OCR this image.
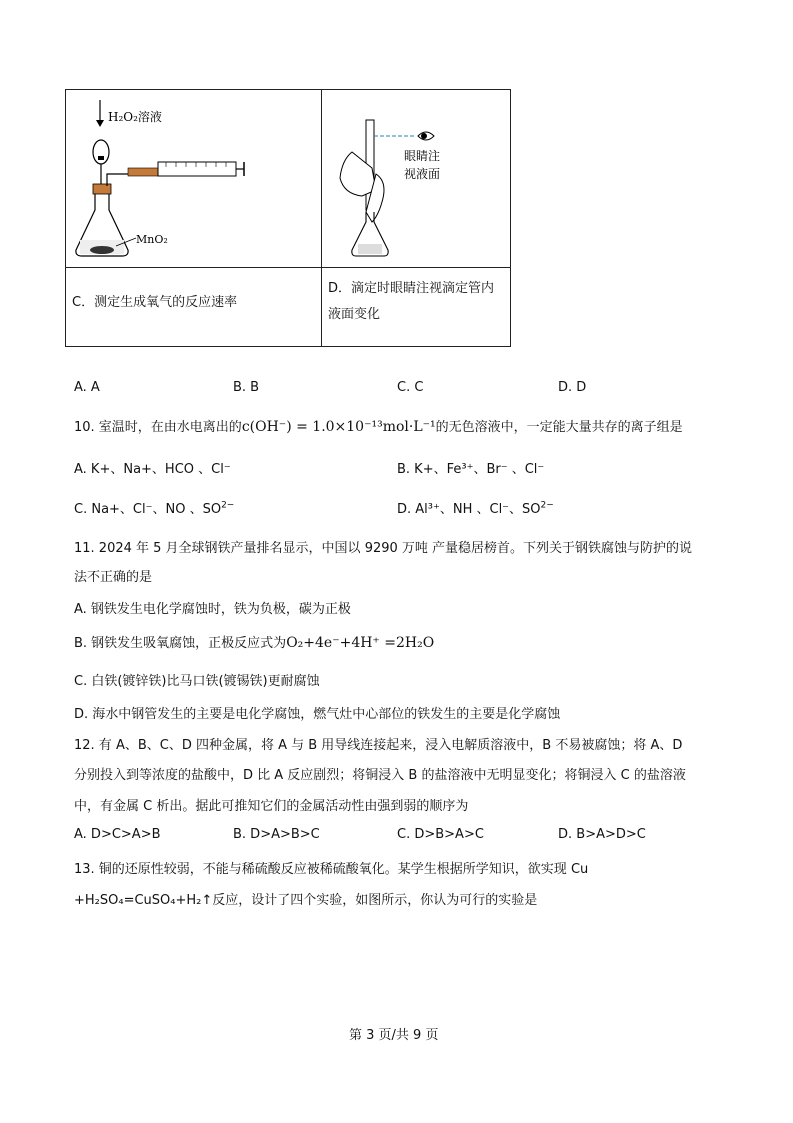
H₂O₂溶液
MnO₂	眼睛注
视液面

C．测定生成氧气的反应速率	D．滴定时眼睛注视滴定管内
液面变化
A. A	B. B	C. C	D. D
10. 室温时，在由水电离出的c(OH⁻) = 1.0×10⁻¹³mol·L⁻¹的无色溶液中，一定能大量共存的离子组是
A. K+、Na+、HCO 、Cl⁻	B. K+、Fe³⁺、Br⁻ 、Cl⁻
C. Na+、Cl⁻、NO 、$SO^{2-}$	D. Al³⁺、NH 、Cl⁻、$SO^{2-}$
11. 2024 年 5 月全球钢铁产量排名显示，中国以 9290 万吨 产量稳居榜首。下列关于钢铁腐蚀与防护的说
法不正确的是
A. 钢铁发生电化学腐蚀时，铁为负极，碳为正极
B. 钢铁发生吸氧腐蚀，正极反应式为O₂+4e⁻+4H⁺ =2H₂O
C. 白铁(镀锌铁)比马口铁(镀锡铁)更耐腐蚀
D. 海水中钢管发生的主要是电化学腐蚀，燃气灶中心部位的铁发生的主要是化学腐蚀
12. 有 A、B、C、D 四种金属，将 A 与 B 用导线连接起来，浸入电解质溶液中，B 不易被腐蚀；将 A、D
分别投入到等浓度的盐酸中，D 比 A 反应剧烈；将铜浸入 B 的盐溶液中无明显变化；将铜浸入 C 的盐溶液
中，有金属 C 析出。据此可推知它们的金属活动性由强到弱的顺序为
A. D>C>A>B	B. D>A>B>C	C. D>B>A>C	D. B>A>D>C
13. 铜的还原性较弱，不能与稀硫酸反应被稀硫酸氧化。某学生根据所学知识，欲实现 Cu
+H₂SO₄=CuSO₄+H₂↑反应，设计了四个实验，如图所示，你认为可行的实验是
第 3 页/共 9 页
